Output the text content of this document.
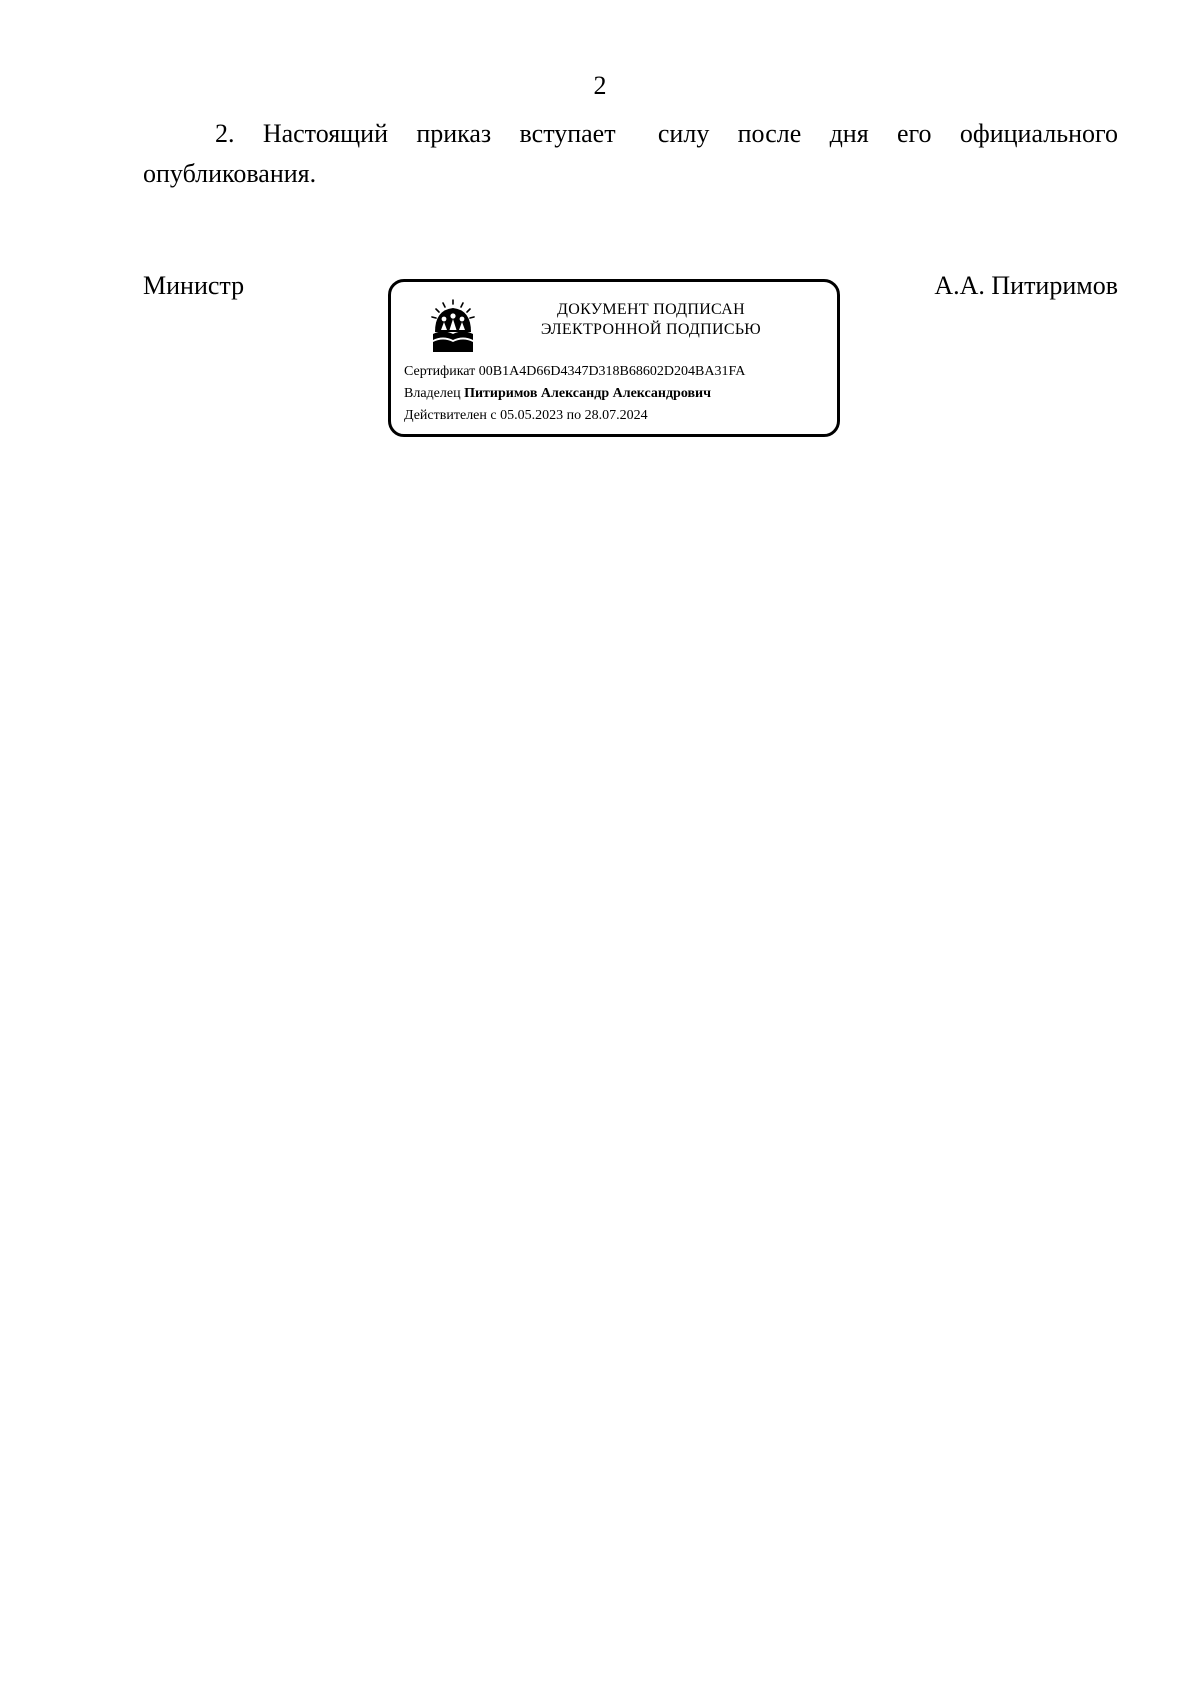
2
2. Настоящий приказ вступает силу после дня его официального
опубликования.
Министр	А.А. Питиримов
ДОКУМЕНТ ПОДПИСАН
ЭЛЕКТРОННОЙ ПОДПИСЬЮ
Сертификат 00B1A4D66D4347D318B68602D204BA31FA
Владелец Питиримов Александр Александрович
Действителен с 05.05.2023 по 28.07.2024
